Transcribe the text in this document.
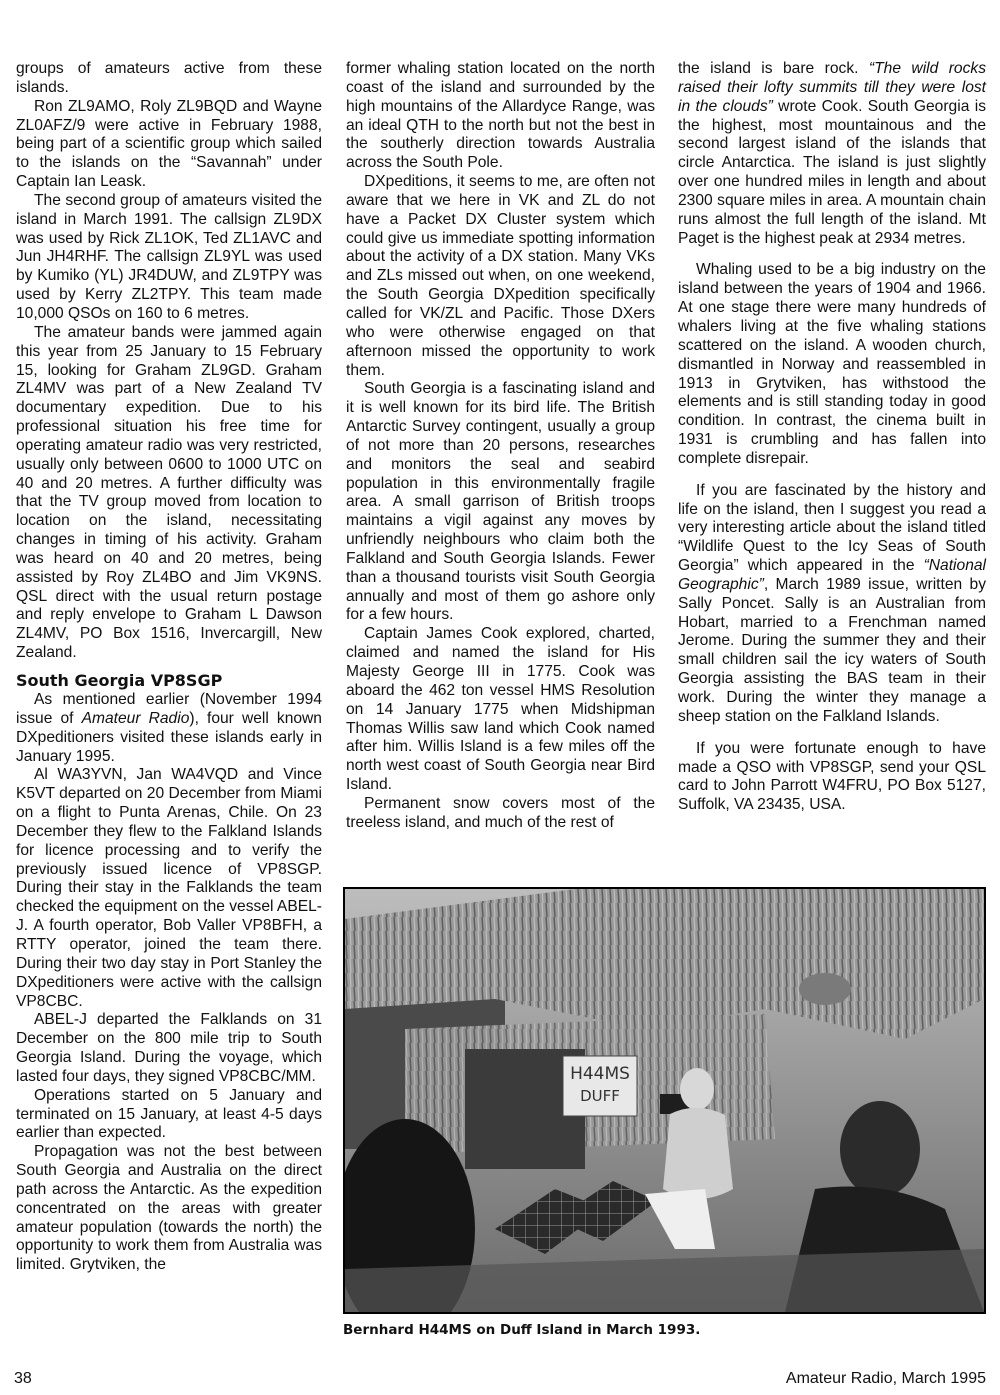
groups of amateurs active from these islands.

Ron ZL9AMO, Roly ZL9BQD and Wayne ZL0AFZ/9 were active in February 1988, being part of a scientific group which sailed to the islands on the “Savannah” under Captain Ian Leask.

The second group of amateurs visited the island in March 1991. The callsign ZL9DX was used by Rick ZL1OK, Ted ZL1AVC and Jun JH4RHF. The callsign ZL9YL was used by Kumiko (YL) JR4DUW, and ZL9TPY was used by Kerry ZL2TPY. This team made 10,000 QSOs on 160 to 6 metres.

The amateur bands were jammed again this year from 25 January to 15 February 15, looking for Graham ZL9GD. Graham ZL4MV was part of a New Zealand TV documentary expedition. Due to his professional situation his free time for operating amateur radio was very restricted, usually only between 0600 to 1000 UTC on 40 and 20 metres. A further difficulty was that the TV group moved from location to location on the island, necessitating changes in timing of his activity. Graham was heard on 40 and 20 metres, being assisted by Roy ZL4BO and Jim VK9NS. QSL direct with the usual return postage and reply envelope to Graham L Dawson ZL4MV, PO Box 1516, Invercargill, New Zealand.

South Georgia VP8SGP

As mentioned earlier (November 1994 issue of Amateur Radio), four well known DXpeditioners visited these islands early in January 1995.

Al WA3YVN, Jan WA4VQD and Vince K5VT departed on 20 December from Miami on a flight to Punta Arenas, Chile. On 23 December they flew to the Falkland Islands for licence processing and to verify the previously issued licence of VP8SGP. During their stay in the Falklands the team checked the equipment on the vessel ABEL-J. A fourth operator, Bob Valler VP8BFH, a RTTY operator, joined the team there. During their two day stay in Port Stanley the DXpeditioners were active with the callsign VP8CBC.

ABEL-J departed the Falklands on 31 December on the 800 mile trip to South Georgia Island. During the voyage, which lasted four days, they signed VP8CBC/MM.

Operations started on 5 January and terminated on 15 January, at least 4-5 days earlier than expected.

Propagation was not the best between South Georgia and Australia on the direct path across the Antarctic. As the expedition concentrated on the areas with greater amateur population (towards the north) the opportunity to work them from Australia was limited. Grytviken, the

former whaling station located on the north coast of the island and surrounded by the high mountains of the Allardyce Range, was an ideal QTH to the north but not the best in the southerly direction towards Australia across the South Pole.

DXpeditions, it seems to me, are often not aware that we here in VK and ZL do not have a Packet DX Cluster system which could give us immediate spotting information about the activity of a DX station. Many VKs and ZLs missed out when, on one weekend, the South Georgia DXpedition specifically called for VK/ZL and Pacific. Those DXers who were otherwise engaged on that afternoon missed the opportunity to work them.

South Georgia is a fascinating island and it is well known for its bird life. The British Antarctic Survey contingent, usually a group of not more than 20 persons, researches and monitors the seal and seabird population in this environmentally fragile area. A small garrison of British troops maintains a vigil against any moves by unfriendly neighbours who claim both the Falkland and South Georgia Islands. Fewer than a thousand tourists visit South Georgia annually and most of them go ashore only for a few hours.

Captain James Cook explored, charted, claimed and named the island for His Majesty George III in 1775. Cook was aboard the 462 ton vessel HMS Resolution on 14 January 1775 when Midshipman Thomas Willis saw land which Cook named after him. Willis Island is a few miles off the north west coast of South Georgia near Bird Island.

Permanent snow covers most of the treeless island, and much of the rest of

the island is bare rock. “The wild rocks raised their lofty summits till they were lost in the clouds” wrote Cook. South Georgia is the highest, most mountainous and the second largest island of the islands that circle Antarctica. The island is just slightly over one hundred miles in length and about 2300 square miles in area. A mountain chain runs almost the full length of the island. Mt Paget is the highest peak at 2934 metres.

Whaling used to be a big industry on the island between the years of 1904 and 1966. At one stage there were many hundreds of whalers living at the five whaling stations scattered on the island. A wooden church, dismantled in Norway and reassembled in 1913 in Grytviken, has withstood the elements and is still standing today in good condition. In contrast, the cinema built in 1931 is crumbling and has fallen into complete disrepair.

If you are fascinated by the history and life on the island, then I suggest you read a very interesting article about the island titled “Wildlife Quest to the Icy Seas of South Georgia” which appeared in the “National Geographic”, March 1989 issue, written by Sally Poncet. Sally is an Australian from Hobart, married to a Frenchman named Jerome. During the summer they and their small children sail the icy waters of South Georgia assisting the BAS team in their work. During the winter they manage a sheep station on the Falkland Islands.

If you were fortunate enough to have made a QSO with VP8SGP, send your QSL card to John Parrott W4FRU, PO Box 5127, Suffolk, VA 23435, USA.

H44MS
DUFF
Bernhard H44MS on Duff Island in March 1993.
38	Amateur Radio, March 1995
